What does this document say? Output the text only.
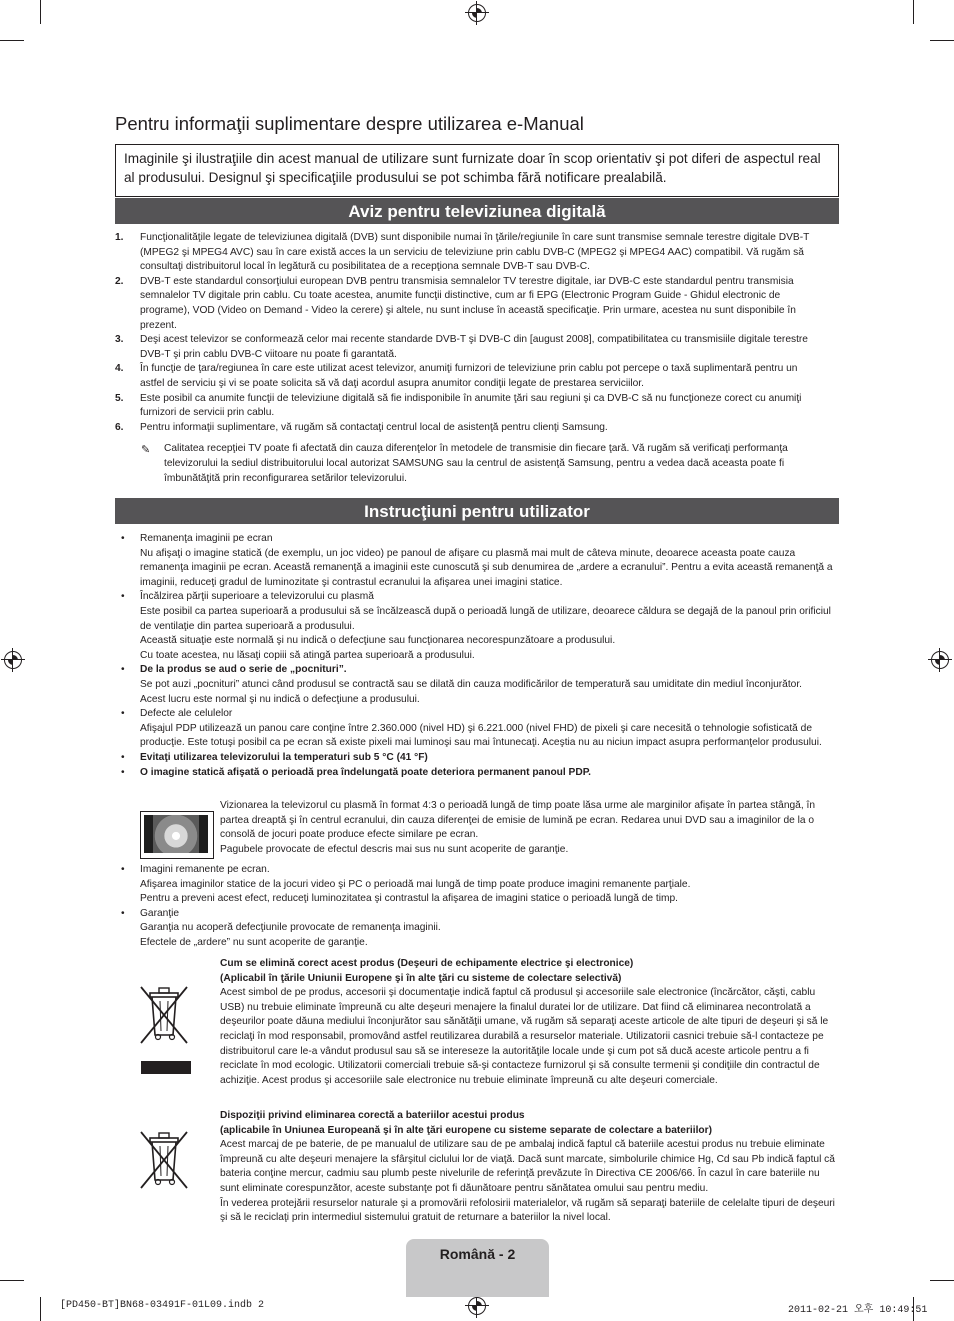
Pentru informaţii suplimentare despre utilizarea e-Manual
Imaginile şi ilustraţiile din acest manual de utilizare sunt furnizate doar în scop orientativ şi pot diferi de aspectul real al produsului. Designul şi specificaţiile produsului se pot schimba fără notificare prealabilă.
Aviz pentru televiziunea digitală
1. Funcţionalităţile legate de televiziunea digitală (DVB) sunt disponibile numai în ţările/regiunile în care sunt transmise semnale terestre digitale DVB-T (MPEG2 şi MPEG4 AVC) sau în care există acces la un serviciu de televiziune prin cablu DVB-C (MPEG2 şi MPEG4 AAC) compatibil. Vă rugăm să consultaţi distribuitorul local în legătură cu posibilitatea de a recepţiona semnale DVB-T sau DVB-C.
2. DVB-T este standardul consorţiului european DVB pentru transmisia semnalelor TV terestre digitale, iar DVB-C este standardul pentru transmisia semnalelor TV digitale prin cablu. Cu toate acestea, anumite funcţii distinctive, cum ar fi EPG (Electronic Program Guide - Ghidul electronic de programe), VOD (Video on Demand - Video la cerere) şi altele, nu sunt incluse în această specificaţie. Prin urmare, acestea nu sunt disponibile în prezent.
3. Deşi acest televizor se conformează celor mai recente standarde DVB-T şi DVB-C din [august 2008], compatibilitatea cu transmisiile digitale terestre DVB-T şi prin cablu DVB-C viitoare nu poate fi garantată.
4. În funcţie de ţara/regiunea în care este utilizat acest televizor, anumiţi furnizori de televiziune prin cablu pot percepe o taxă suplimentară pentru un astfel de serviciu şi vi se poate solicita să vă daţi acordul asupra anumitor condiţii legate de prestarea serviciilor.
5. Este posibil ca anumite funcţii de televiziune digitală să fie indisponibile în anumite ţări sau regiuni şi ca DVB-C să nu funcţioneze corect cu anumiţi furnizori de servicii prin cablu.
6. Pentru informaţii suplimentare, vă rugăm să contactaţi centrul local de asistenţă pentru clienţi Samsung.
✎ Calitatea recepţiei TV poate fi afectată din cauza diferenţelor în metodele de transmisie din fiecare ţară. Vă rugăm să verificaţi performanţa televizorului la sediul distribuitorului local autorizat SAMSUNG sau la centrul de asistenţă Samsung, pentru a vedea dacă aceasta poate fi îmbunătăţită prin reconfigurarea setărilor televizorului.
Instrucţiuni pentru utilizator
• Remanenţa imaginii pe ecran
Nu afişaţi o imagine statică (de exemplu, un joc video) pe panoul de afişare cu plasmă mai mult de câteva minute, deoarece aceasta poate cauza remanenţa imaginii pe ecran. Această remanenţă a imaginii este cunoscută şi sub denumirea de „ardere a ecranului”. Pentru a evita această remanenţă a imaginii, reduceţi gradul de luminozitate şi contrastul ecranului la afişarea unei imagini statice.
• Încălzirea părţii superioare a televizorului cu plasmă
Este posibil ca partea superioară a produsului să se încălzească după o perioadă lungă de utilizare, deoarece căldura se degajă de la panoul prin orificiul de ventilaţie din partea superioară a produsului.
Această situaţie este normală şi nu indică o defecţiune sau funcţionarea necorespunzătoare a produsului.
Cu toate acestea, nu lăsaţi copiii să atingă partea superioară a produsului.
• De la produs se aud o serie de „pocnituri”.
Se pot auzi „pocnituri” atunci când produsul se contractă sau se dilată din cauza modificărilor de temperatură sau umiditate din mediul înconjurător.
Acest lucru este normal şi nu indică o defecţiune a produsului.
• Defecte ale celulelor
Afişajul PDP utilizează un panou care conţine între 2.360.000 (nivel HD) şi 6.221.000 (nivel FHD) de pixeli şi care necesită o tehnologie sofisticată de producţie. Este totuşi posibil ca pe ecran să existe pixeli mai luminoşi sau mai întunecaţi. Aceştia nu au niciun impact asupra performanţelor produsului.
• Evitaţi utilizarea televizorului la temperaturi sub 5 °C (41 °F)
• O imagine statică afişată o perioadă prea îndelungată poate deteriora permanent panoul PDP.
Vizionarea la televizorul cu plasmă în format 4:3 o perioadă lungă de timp poate lăsa urme ale marginilor afişate în partea stângă, în partea dreaptă şi în centrul ecranului, din cauza diferenţei de emisie de lumină pe ecran. Redarea unui DVD sau a imaginilor de la o consolă de jocuri poate produce efecte similare pe ecran.
Pagubele provocate de efectul descris mai sus nu sunt acoperite de garanţie.
• Imagini remanente pe ecran.
Afişarea imaginilor statice de la jocuri video şi PC o perioadă mai lungă de timp poate produce imagini remanente parţiale.
Pentru a preveni acest efect, reduceţi luminozitatea şi contrastul la afişarea de imagini statice o perioadă lungă de timp.
• Garanţie
Garanţia nu acoperă defecţiunile provocate de remanenţa imaginii.
Efectele de „ardere” nu sunt acoperite de garanţie.
Cum se elimină corect acest produs (Deşeuri de echipamente electrice şi electronice)
(Aplicabil în ţările Uniunii Europene şi în alte ţări cu sisteme de colectare selectivă)
Acest simbol de pe produs, accesorii şi documentaţie indică faptul că produsul şi accesoriile sale electronice (încărcător, căşti, cablu USB) nu trebuie eliminate împreună cu alte deşeuri menajere la finalul duratei lor de utilizare. Dat fiind că eliminarea necontrolată a deşeurilor poate dăuna mediului înconjurător sau sănătăţii umane, vă rugăm să separaţi aceste articole de alte tipuri de deşeuri şi să le reciclaţi în mod responsabil, promovând astfel reutilizarea durabilă a resurselor materiale. Utilizatorii casnici trebuie să-l contacteze pe distribuitorul care le-a vândut produsul sau să se intereseze la autorităţile locale unde şi cum pot să ducă aceste articole pentru a fi reciclate în mod ecologic. Utilizatorii comerciali trebuie să-şi contacteze furnizorul şi să consulte termenii şi condiţiile din contractul de achiziţie. Acest produs şi accesoriile sale electronice nu trebuie eliminate împreună cu alte deşeuri comerciale.
Dispoziţii privind eliminarea corectă a bateriilor acestui produs
(aplicabile în Uniunea Europeană şi în alte ţări europene cu sisteme separate de colectare a bateriilor)
Acest marcaj de pe baterie, de pe manualul de utilizare sau de pe ambalaj indică faptul că bateriile acestui produs nu trebuie eliminate împreună cu alte deşeuri menajere la sfârşitul ciclului lor de viaţă. Dacă sunt marcate, simbolurile chimice Hg, Cd sau Pb indică faptul că bateria conţine mercur, cadmiu sau plumb peste nivelurile de referinţă prevăzute în Directiva CE 2006/66. În cazul în care bateriile nu sunt eliminate corespunzător, aceste substanţe pot fi dăunătoare pentru sănătatea omului sau pentru mediu.
În vederea protejării resurselor naturale şi a promovării refolosirii materialelor, vă rugăm să separaţi bateriile de celelalte tipuri de deşeuri şi să le reciclaţi prin intermediul sistemului gratuit de returnare a bateriilor la nivel local.
Română - 2
[PD450-BT]BN68-03491F-01L09.indb 2	2011-02-21 오후 10:49:51
